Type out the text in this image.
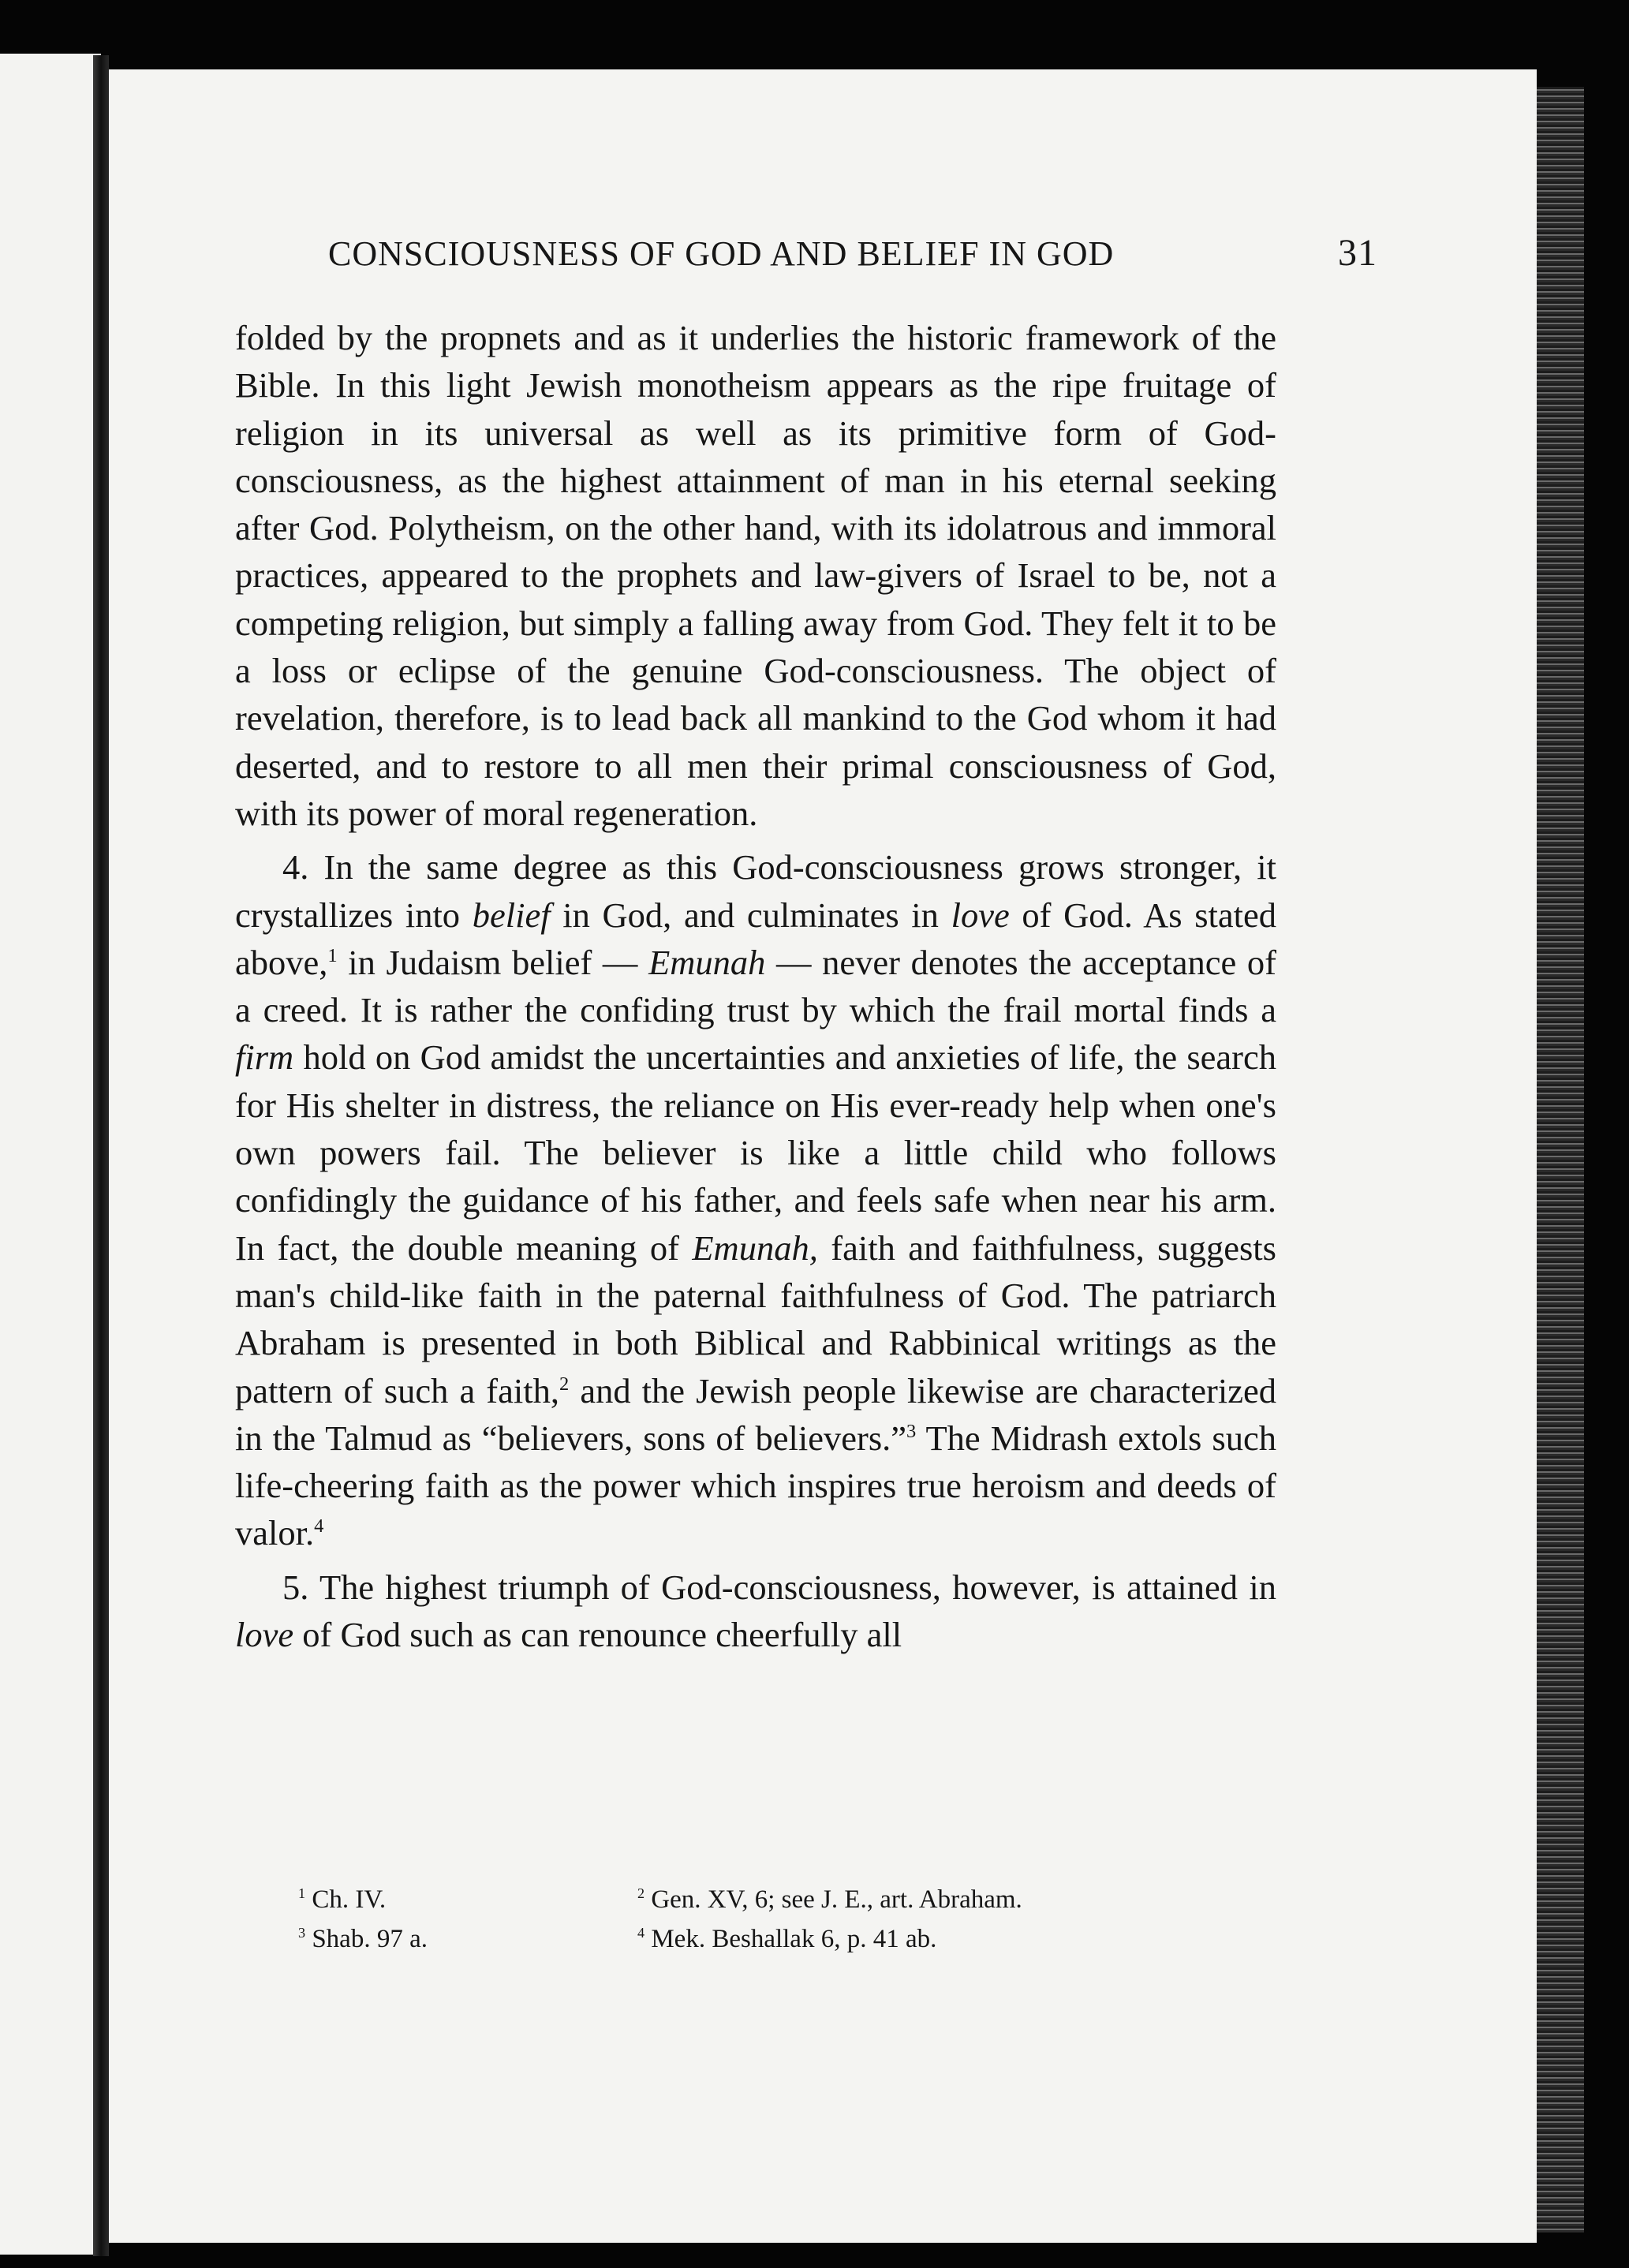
CONSCIOUSNESS OF GOD AND BELIEF IN GOD	31

folded by the propnets and as it underlies the historic framework of the Bible. In this light Jewish monotheism appears as the ripe fruitage of religion in its universal as well as its primitive form of God-consciousness, as the highest attainment of man in his eternal seeking after God. Polytheism, on the other hand, with its idolatrous and immoral practices, appeared to the prophets and law-givers of Israel to be, not a competing religion, but simply a falling away from God. They felt it to be a loss or eclipse of the genuine God-consciousness. The object of revelation, therefore, is to lead back all mankind to the God whom it had deserted, and to restore to all men their primal consciousness of God, with its power of moral regeneration.

4. In the same degree as this God-consciousness grows stronger, it crystallizes into belief in God, and culminates in love of God. As stated above,$^1$ in Judaism belief — Emunah — never denotes the acceptance of a creed. It is rather the confiding trust by which the frail mortal finds a firm hold on God amidst the uncertainties and anxieties of life, the search for His shelter in distress, the reliance on His ever-ready help when one's own powers fail. The believer is like a little child who follows confidingly the guidance of his father, and feels safe when near his arm. In fact, the double meaning of Emunah, faith and faithfulness, suggests man's child-like faith in the paternal faithfulness of God. The patriarch Abraham is presented in both Biblical and Rabbinical writings as the pattern of such a faith,$^2$ and the Jewish people likewise are characterized in the Talmud as “believers, sons of believers.”$^3$ The Midrash extols such life-cheering faith as the power which inspires true heroism and deeds of valor.$^4$

5. The highest triumph of God-consciousness, however, is attained in love of God such as can renounce cheerfully all

$^1$ Ch. IV.	$^2$ Gen. XV, 6; see J. E., art. Abraham.
$^3$ Shab. 97 a.	$^4$ Mek. Beshallak 6, p. 41 ab.
